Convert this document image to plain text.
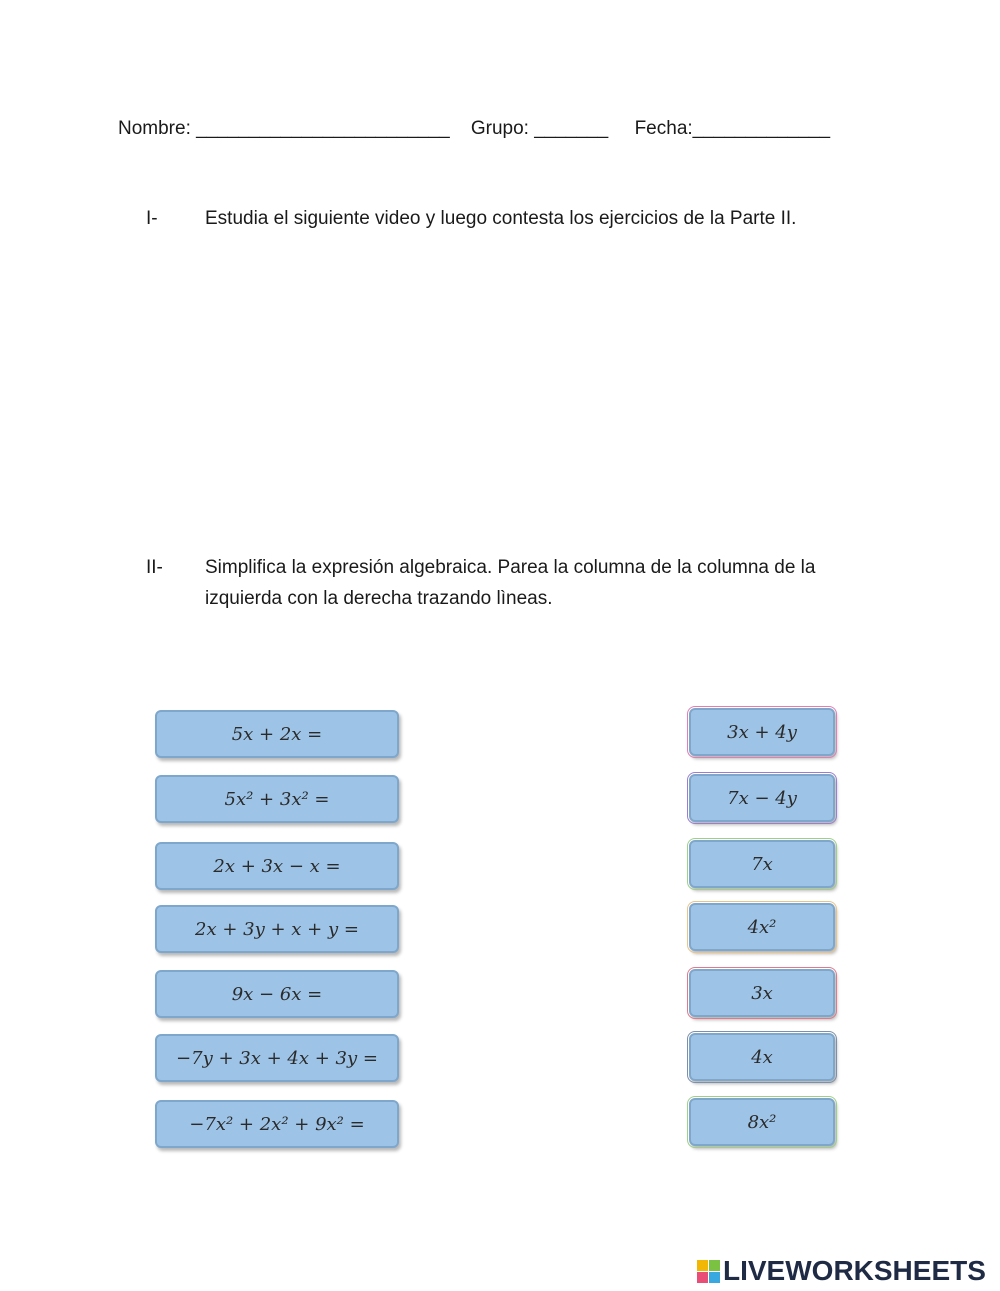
Nombre: ________________________    Grupo: _______     Fecha:_____________
I- Estudia el siguiente video y luego contesta los ejercicios de la Parte II.
II- Simplifica la expresión algebraica. Parea la columna de la columna de la izquierda con la derecha trazando lìneas.
5x + 2x =
5x² + 3x² =
2x + 3x − x =
2x + 3y + x + y =
9x − 6x =
−7y + 3x + 4x + 3y =
−7x² + 2x² + 9x² =
3x + 4y
7x − 4y
7x
4x²
3x
4x
8x²
LIVEWORKSHEETS
